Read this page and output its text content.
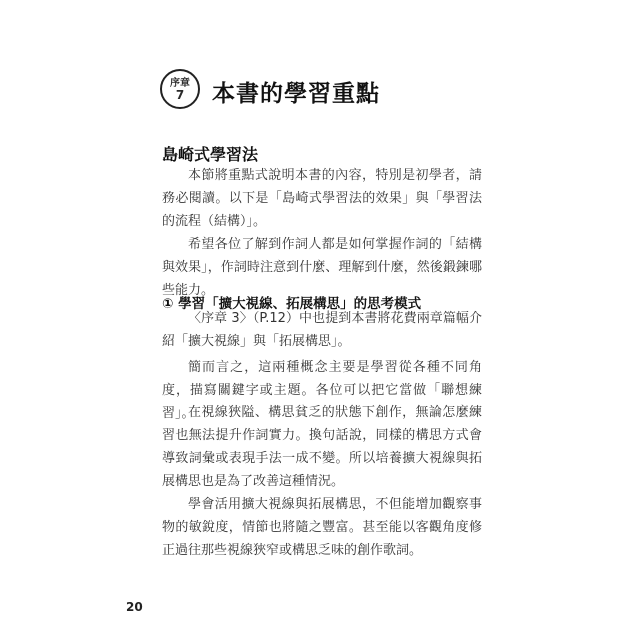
序章
7	本書的學習重點
島崎式學習法

本節將重點式說明本書的內容，特別是初學者，請務必閱讀。以下是「島崎式學習法的效果」與「學習法的流程（結構）」。

希望各位了解到作詞人都是如何掌握作詞的「結構與效果」，作詞時注意到什麼、理解到什麼，然後鍛鍊哪些能力。

① 學習「擴大視線、拓展構思」的思考模式

〈序章 3〉（P.12）中也提到本書將花費兩章篇幅介紹「擴大視線」與「拓展構思」。

簡而言之，這兩種概念主要是學習從各種不同角度，描寫關鍵字或主題。各位可以把它當做「聯想練習」。

在視線狹隘、構思貧乏的狀態下創作，無論怎麼練習也無法提升作詞實力。換句話說，同樣的構思方式會導致詞彙或表現手法一成不變。所以培養擴大視線與拓展構思也是為了改善這種情況。

學會活用擴大視線與拓展構思，不但能增加觀察事物的敏銳度，情節也將隨之豐富。甚至能以客觀角度修正過往那些視線狹窄或構思乏味的創作歌詞。

20
